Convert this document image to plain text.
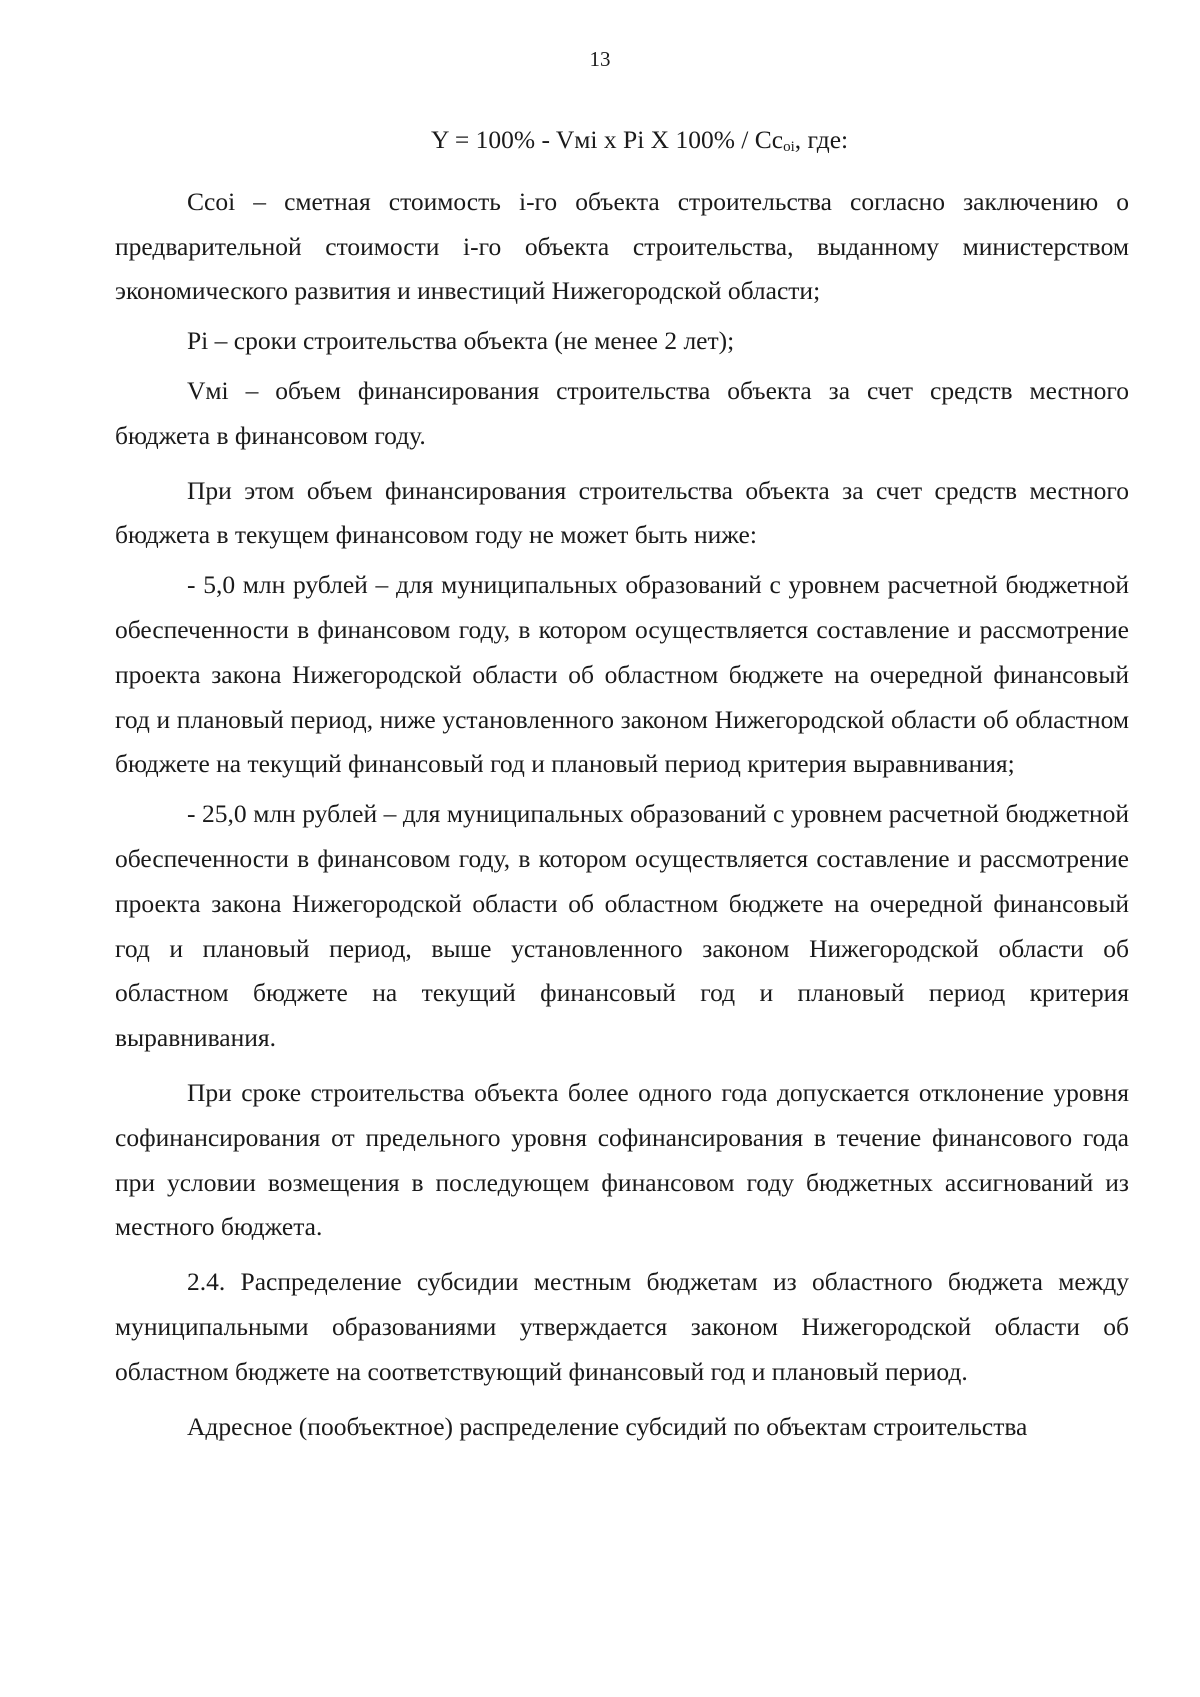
13

Y = 100% - Vмi x Pi X $100\% / Cc_{oi}$, где:

Ccoi – сметная стоимость i-го объекта строительства согласно заключению о предварительной стоимости i-го объекта строительства, выданному министерством экономического развития и инвестиций Нижегородской области;

Pi – сроки строительства объекта (не менее 2 лет);

Vмi – объем финансирования строительства объекта за счет средств местного бюджета в финансовом году.

При этом объем финансирования строительства объекта за счет средств местного бюджета в текущем финансовом году не может быть ниже:

- 5,0 млн рублей – для муниципальных образований с уровнем расчетной бюджетной обеспеченности в финансовом году, в котором осуществляется составление и рассмотрение проекта закона Нижегородской области об областном бюджете на очередной финансовый год и плановый период, ниже установленного законом Нижегородской области об областном бюджете на текущий финансовый год и плановый период критерия выравнивания;

- 25,0 млн рублей – для муниципальных образований с уровнем расчетной бюджетной обеспеченности в финансовом году, в котором осуществляется составление и рассмотрение проекта закона Нижегородской области об областном бюджете на очередной финансовый год и плановый период, выше установленного законом Нижегородской области об областном бюджете на текущий финансовый год и плановый период критерия выравнивания.

При сроке строительства объекта более одного года допускается отклонение уровня софинансирования от предельного уровня софинансирования в течение финансового года при условии возмещения в последующем финансовом году бюджетных ассигнований из местного бюджета.

2.4. Распределение субсидии местным бюджетам из областного бюджета между муниципальными образованиями утверждается законом Нижегородской области об областном бюджете на соответствующий финансовый год и плановый период.

Адресное (пообъектное) распределение субсидий по объектам строительства
